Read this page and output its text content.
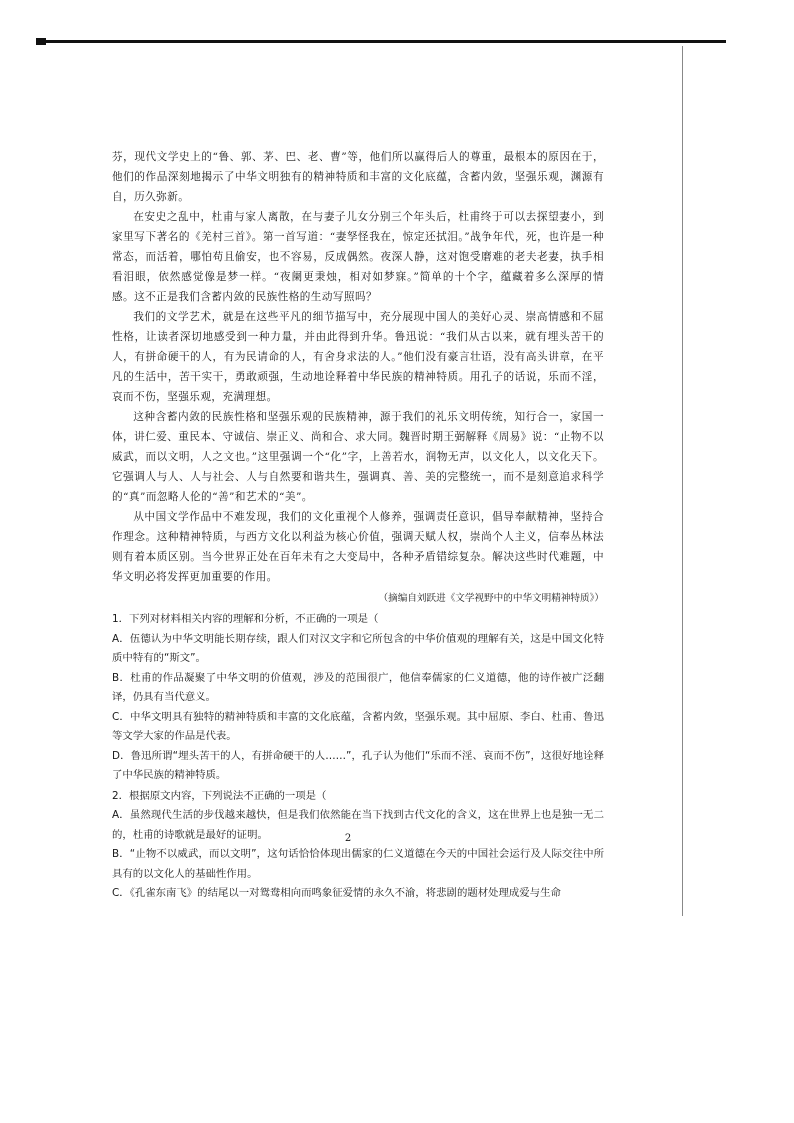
芬，现代文学史上的“鲁、郭、茅、巴、老、曹”等，他们所以赢得后人的尊重，最根本的原因在于，他们的作品深刻地揭示了中华文明独有的精神特质和丰富的文化底蕴，含蓄内敛，坚强乐观，渊源有自，历久弥新。

在安史之乱中，杜甫与家人离散，在与妻子儿女分别三个年头后，杜甫终于可以去探望妻小，到家里写下著名的《羌村三首》。第一首写道：“妻孥怪我在，惊定还拭泪。”战争年代，死，也许是一种常态，而活着，哪怕苟且偷安，也不容易，反成偶然。夜深人静，这对饱受磨难的老夫老妻，执手相看泪眼，依然感觉像是梦一样。“夜阑更秉烛，相对如梦寐。”简单的十个字，蕴藏着多么深厚的情感。这不正是我们含蓄内敛的民族性格的生动写照吗？

我们的文学艺术，就是在这些平凡的细节描写中，充分展现中国人的美好心灵、崇高情感和不屈性格，让读者深切地感受到一种力量，并由此得到升华。鲁迅说：“我们从古以来，就有埋头苦干的人，有拼命硬干的人，有为民请命的人，有舍身求法的人。”他们没有豪言壮语，没有高头讲章，在平凡的生活中，苦干实干，勇敢顽强，生动地诠释着中华民族的精神特质。用孔子的话说，乐而不淫，哀而不伤，坚强乐观，充满理想。

这种含蓄内敛的民族性格和坚强乐观的民族精神，源于我们的礼乐文明传统，知行合一，家国一体，讲仁爱、重民本、守诚信、崇正义、尚和合、求大同。魏晋时期王弼解释《周易》说：“止物不以威武，而以文明，人之文也。”这里强调一个“化”字，上善若水，润物无声，以文化人，以文化天下。它强调人与人、人与社会、人与自然要和谐共生，强调真、善、美的完整统一，而不是刻意追求科学的“真”而忽略人伦的“善”和艺术的“美”。

从中国文学作品中不难发现，我们的文化重视个人修养，强调责任意识，倡导奉献精神，坚持合作理念。这种精神特质，与西方文化以利益为核心价值，强调天赋人权，崇尚个人主义，信奉丛林法则有着本质区别。当今世界正处在百年未有之大变局中，各种矛盾错综复杂。解决这些时代难题，中华文明必将发挥更加重要的作用。

（摘编自刘跃进《文学视野中的中华文明精神特质》）

1．下列对材料相关内容的理解和分析，不正确的一项是（

A．伍德认为中华文明能长期存续，跟人们对汉文字和它所包含的中华价值观的理解有关，这是中国文化特质中特有的“斯文”。

B．杜甫的作品凝聚了中华文明的价值观，涉及的范围很广，他信奉儒家的仁义道德，他的诗作被广泛翻译，仍具有当代意义。

C．中华文明具有独特的精神特质和丰富的文化底蕴，含蓄内敛，坚强乐观。其中屈原、李白、杜甫、鲁迅等文学大家的作品是代表。

D．鲁迅所谓“埋头苦干的人，有拼命硬干的人……”，孔子认为他们“乐而不淫、哀而不伤”，这很好地诠释了中华民族的精神特质。

2．根据原文内容，下列说法不正确的一项是（

A．虽然现代生活的步伐越来越快，但是我们依然能在当下找到古代文化的含义，这在世界上也是独一无二的，杜甫的诗歌就是最好的证明。

B．“止物不以威武，而以文明”，这句话恰恰体现出儒家的仁义道德在今天的中国社会运行及人际交往中所具有的以文化人的基础性作用。

C．《孔雀东南飞》的结尾以一对鸳鸯相向而鸣象征爱情的永久不渝，将悲剧的题材处理成爱与生命

2
